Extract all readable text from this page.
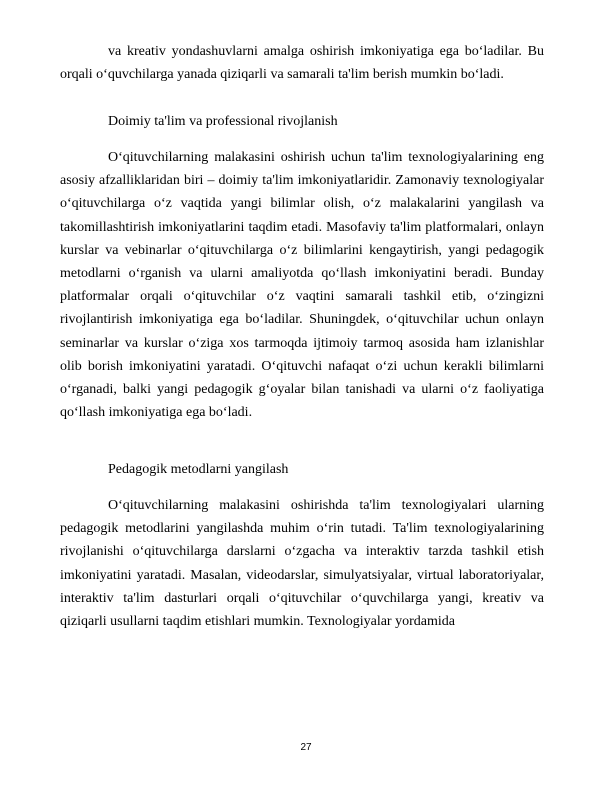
va kreativ yondashuvlarni amalga oshirish imkoniyatiga ega bo‘ladilar. Bu orqali o‘quvchilarga yanada qiziqarli va samarali ta'lim berish mumkin bo‘ladi.

Doimiy ta'lim va professional rivojlanish

O‘qituvchilarning malakasini oshirish uchun ta'lim texnologiyalarining eng asosiy afzalliklaridan biri – doimiy ta'lim imkoniyatlaridir. Zamonaviy texnologiyalar o‘qituvchilarga o‘z vaqtida yangi bilimlar olish, o‘z malakalarini yangilash va takomillashtirish imkoniyatlarini taqdim etadi. Masofaviy ta'lim platformalari, onlayn kurslar va vebinarlar o‘qituvchilarga o‘z bilimlarini kengaytirish, yangi pedagogik metodlarni o‘rganish va ularni amaliyotda qo‘llash imkoniyatini beradi. Bunday platformalar orqali o‘qituvchilar o‘z vaqtini samarali tashkil etib, o‘zingizni rivojlantirish imkoniyatiga ega bo‘ladilar. Shuningdek, o‘qituvchilar uchun onlayn seminarlar va kurslar o‘ziga xos tarmoqda ijtimoiy tarmoq asosida ham izlanishlar olib borish imkoniyatini yaratadi. O‘qituvchi nafaqat o‘zi uchun kerakli bilimlarni o‘rganadi, balki yangi pedagogik g‘oyalar bilan tanishadi va ularni o‘z faoliyatiga qo‘llash imkoniyatiga ega bo‘ladi.

Pedagogik metodlarni yangilash

O‘qituvchilarning malakasini oshirishda ta'lim texnologiyalari ularning pedagogik metodlarini yangilashda muhim o‘rin tutadi. Ta'lim texnologiyalarining rivojlanishi o‘qituvchilarga darslarni o‘zgacha va interaktiv tarzda tashkil etish imkoniyatini yaratadi. Masalan, videodarslar, simulyatsiyalar, virtual laboratoriyalar, interaktiv ta'lim dasturlari orqali o‘qituvchilar o‘quvchilarga yangi, kreativ va qiziqarli usullarni taqdim etishlari mumkin. Texnologiyalar yordamida

27
